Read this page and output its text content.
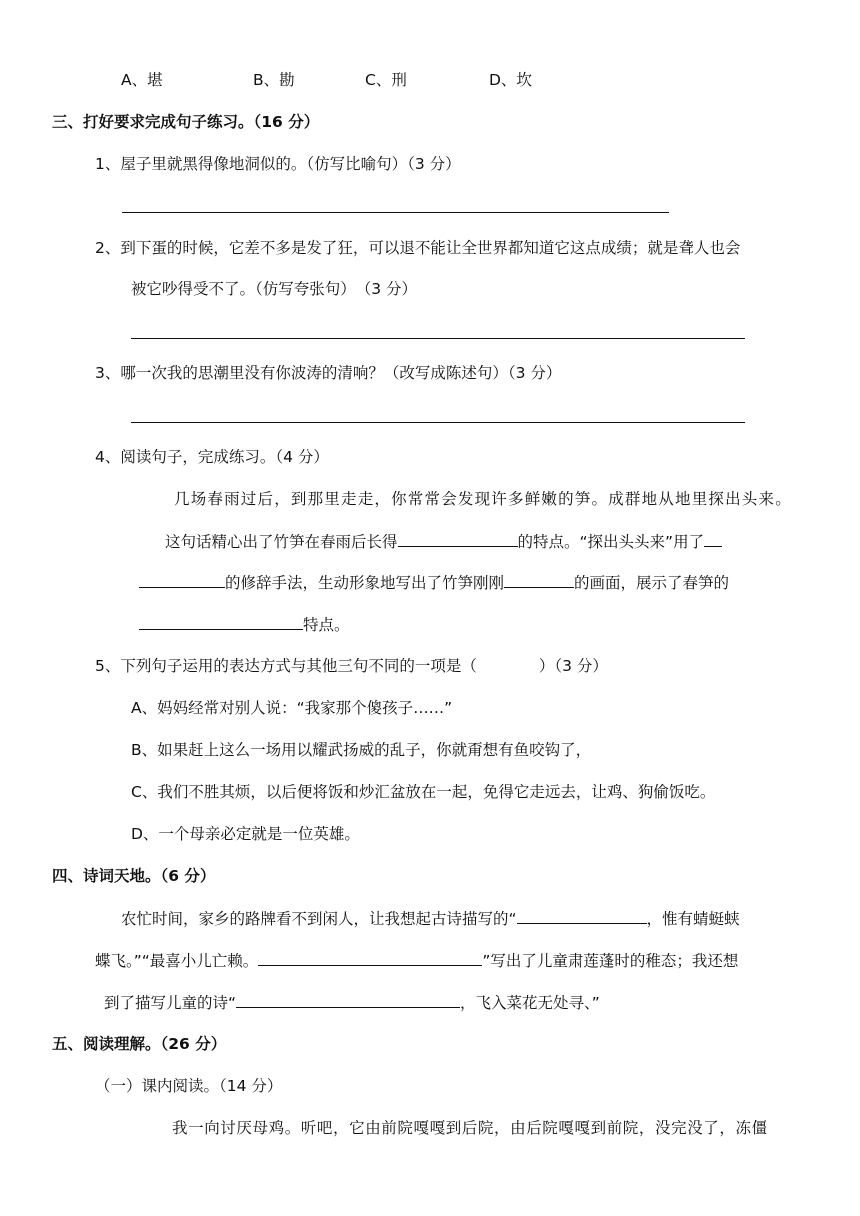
A、堪	B、勘	C、刑	D、坎
三、打好要求完成句子练习。（16 分）
1、屋子里就黑得像地洞似的。（仿写比喻句）（3 分）
2、到下蛋的时候，它差不多是发了狂，可以退不能让全世界都知道它这点成绩；就是聋人也会
被它吵得受不了。（仿写夸张句）　（3 分）
3、哪一次我的思潮里没有你波涛的清响？（改写成陈述句）（3 分）
4、阅读句子，完成练习。（4 分）
几场春雨过后，到那里走走，你常常会发现许多鲜嫩的笋。成群地从地里探出头来。
这句话精心出了竹笋在春雨后长得	的特点。“探出头头来”用了
的修辞手法，生动形象地写出了竹笋刚刚	的画面，展示了春笋的
特点。
5、下列句子运用的表达方式与其他三句不同的一项是（　　　　）（3 分）
A、妈妈经常对别人说：“我家那个傻孩子……”
B、如果赶上这么一场用以耀武扬威的乱子，你就甭想有鱼咬钩了，
C、我们不胜其烦，以后便将饭和炒汇盆放在一起，免得它走远去，让鸡、狗偷饭吃。
D、一个母亲必定就是一位英雄。
四、诗词天地。（6 分）
农忙时间，家乡的路牌看不到闲人，让我想起古诗描写的“	，惟有蜻蜓蛱
蝶飞。”“最喜小儿亡赖。	”写出了儿童肃莲蓬时的稚态；我还想
到了描写儿童的诗“	，飞入菜花无处寻、”
五、阅读理解。（26 分）
（一）课内阅读。（14 分）
我一向讨厌母鸡。听吧，它由前院嘎嘎到后院，由后院嘎嘎到前院，没完没了，冻僵
